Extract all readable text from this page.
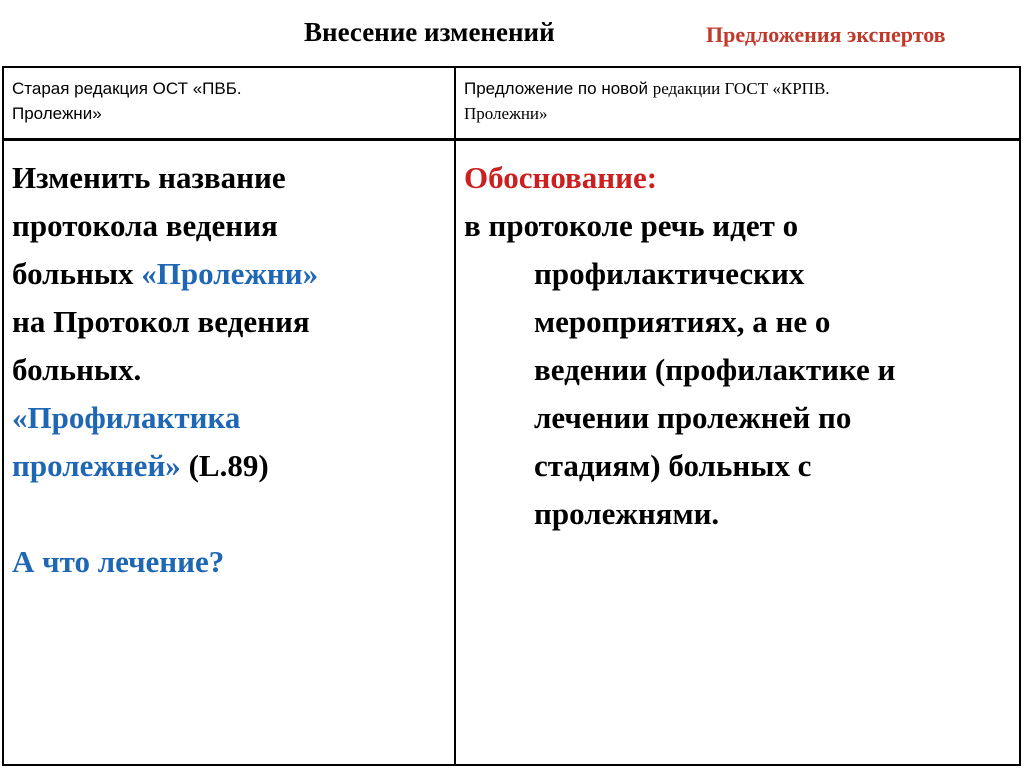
Внесение изменений	Предложения экспертов
Старая редакция ОСТ «ПВБ.
Пролежни»
Предложение по новой редакции ГОСТ «КРПВ.
Пролежни»
Изменить название
протокола ведения
больных «Пролежни»
на Протокол ведения
больных.
«Профилактика
пролежней» (L.89)
А что лечение?
Обоснование:
в протоколе речь идет о
профилактических
мероприятиях, а не о
ведении (профилактике и
лечении пролежней по
стадиям) больных с
пролежнями.
